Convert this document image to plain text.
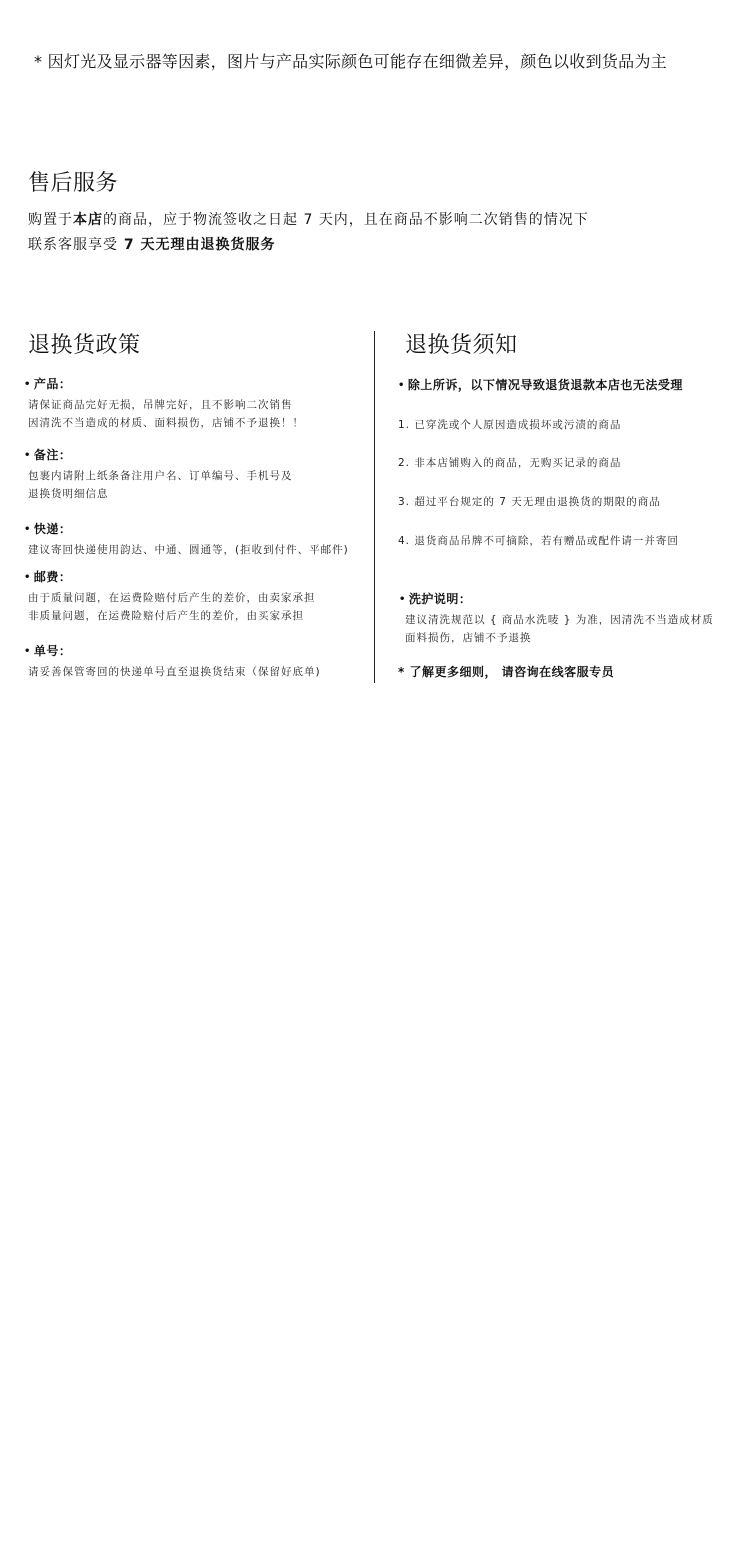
* 因灯光及显示器等因素，图片与产品实际颜色可能存在细微差异，颜色以收到货品为主
售后服务
购置于本店的商品，应于物流签收之日起 7 天内，且在商品不影响二次销售的情况下
联系客服享受 7 天无理由退换货服务
退换货政策	退换货须知
• 产品：
请保证商品完好无损，吊牌完好，且不影响二次销售
因清洗不当造成的材质、面料损伤，店铺不予退换！！
• 备注：
包裹内请附上纸条备注用户名、订单编号、手机号及
退换货明细信息
• 快递：
建议寄回快递使用韵达、中通、圆通等，(拒收到付件、平邮件)
• 邮费：
由于质量问题，在运费险赔付后产生的差价，由卖家承担
非质量问题，在运费险赔付后产生的差价，由买家承担
• 单号：
请妥善保管寄回的快递单号直至退换货结束（保留好底单)
• 除上所诉，以下情况导致退货退款本店也无法受理
1. 已穿洗或个人原因造成损坏或污渍的商品
2. 非本店铺购入的商品，无购买记录的商品
3. 超过平台规定的 7 天无理由退换货的期限的商品
4. 退货商品吊牌不可摘除，若有赠品或配件请一并寄回
• 洗护说明：
建议清洗规范以 { 商品水洗唛 } 为准，因清洗不当造成材质
面料损伤，店铺不予退换
* 了解更多细则， 请咨询在线客服专员
